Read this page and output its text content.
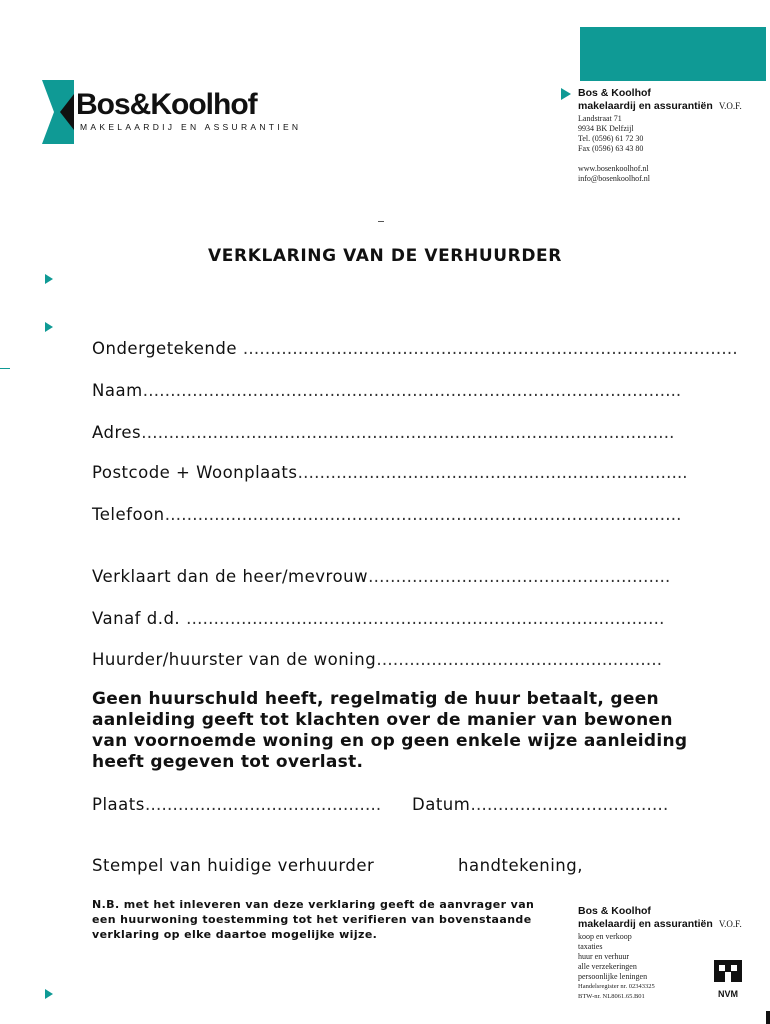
Bos&Koolhof
MAKELAARDIJ EN ASSURANTIEN
Bos & Koolhof
makelaardij en assurantiën V.O.F.
Landstraat 71
9934 BK Delfzijl
Tel. (0596) 61 72 30
Fax (0596) 63 43 80
www.bosenkoolhof.nl
info@bosenkoolhof.nl
VERKLARING VAN DE VERHUURDER
Ondergetekende ………………………………………………………………………………
Naam……………………………………………………………………………………..
Adres…………………………………………………………………………………….
Postcode + Woonplaats……………………………………………………………..
Telefoon………………………………………………………………………………….
Verklaart dan de heer/mevrouw……………………………………………….
Vanaf d.d. ……………………………………………………………………………
Huurder/huurster van de woning…………………………………………….
Geen huurschuld heeft, regelmatig de huur betaalt, geen aanleiding geeft tot klachten over de manier van bewonen van voornoemde woning en op geen enkele wijze aanleiding heeft gegeven tot overlast.
Plaats……………………………………. Datum………………………………
Stempel van huidige verhuurder	handtekening,
N.B. met het inleveren van deze verklaring geeft de aanvrager van een huurwoning toestemming tot het verifieren van bovenstaande verklaring op elke daartoe mogelijke wijze.
Bos & Koolhof
makelaardij en assurantiën V.O.F.
koop en verkoop
taxaties
huur en verhuur
alle verzekeringen
persoonlijke leningen
Handelsregister nr. 02343325
BTW-nr. NL8061.65.B01	NVM
